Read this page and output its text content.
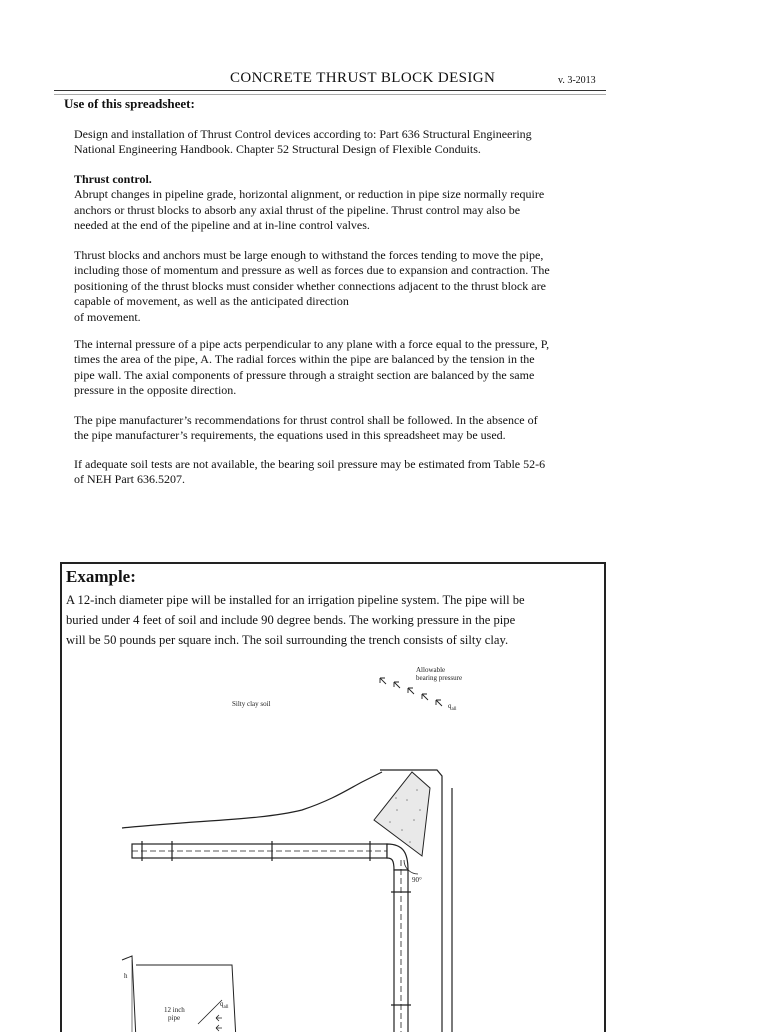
CONCRETE THRUST BLOCK DESIGN	v. 3-2013
Use of this spreadsheet:

Design and installation of Thrust Control devices according to: Part 636 Structural Engineering

National Engineering Handbook. Chapter 52 Structural Design of Flexible Conduits.

Thrust control.

Abrupt changes in pipeline grade, horizontal alignment, or reduction in pipe size normally require

anchors or thrust blocks to absorb any axial thrust of the pipeline. Thrust control may also be

needed at the end of the pipeline and at in-line control valves.

Thrust blocks and anchors must be large enough to withstand the forces tending to move the pipe,

including those of momentum and pressure as well as forces due to expansion and contraction. The

positioning of the thrust blocks must consider whether connections adjacent to the thrust block are

capable of movement, as well as the anticipated direction

of movement.

The internal pressure of a pipe acts perpendicular to any plane with a force equal to the pressure, P,

times the area of the pipe, A. The radial forces within the pipe are balanced by the tension in the

pipe wall. The axial components of pressure through a straight section are balanced by the same

pressure in the opposite direction.

The pipe manufacturer’s recommendations for thrust control shall be followed. In the absence of

the pipe manufacturer’s requirements, the equations used in this spreadsheet may be used.

If adequate soil tests are not available, the bearing soil pressure may be estimated from Table 52-6

of NEH Part 636.5207.

Example:
A 12-inch diameter pipe will be installed for an irrigation pipeline system. The pipe will be
buried under 4 feet of soil and include 90 degree bends. The working pressure in the pipe
will be 50 pounds per square inch. The soil surrounding the trench consists of silty clay.
90°
Allowable
bearing pressure
Silty clay soil	$q_{all}$
h
12 inch
pipe
$q_{all}$
